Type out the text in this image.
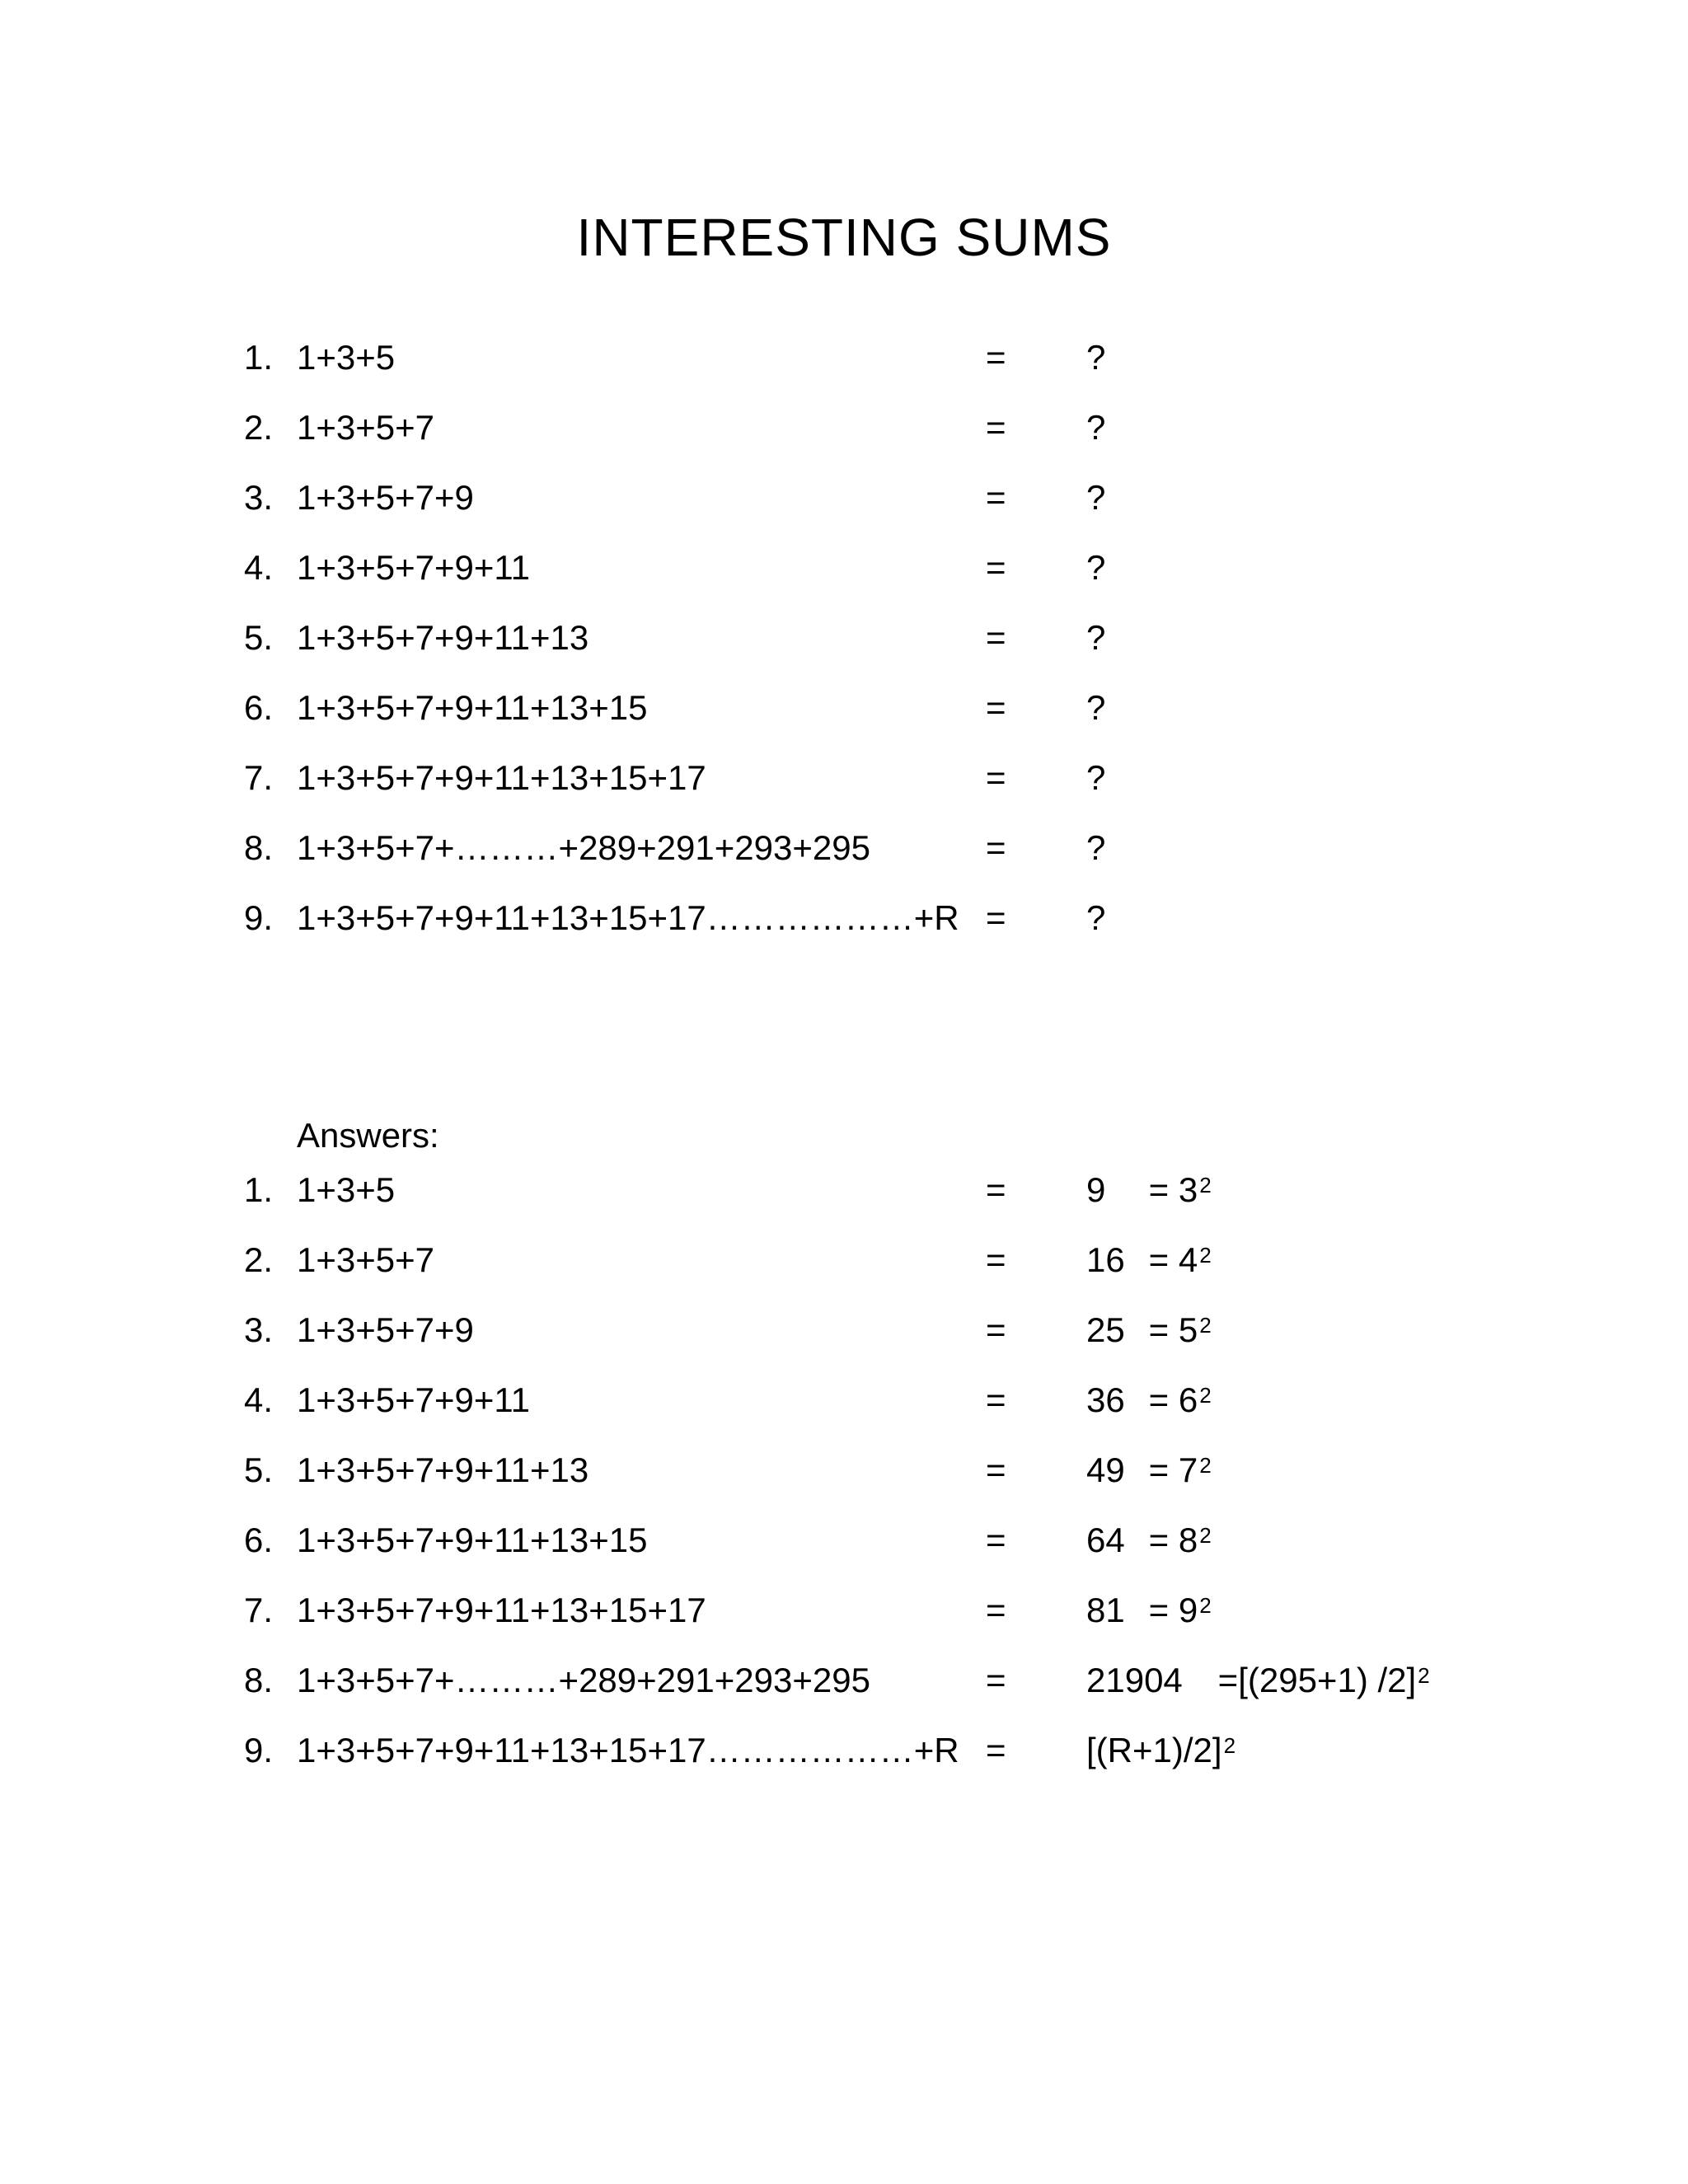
INTERESTING SUMS
1. 1+3+5	= ?
2. 1+3+5+7	= ?
3. 1+3+5+7+9	= ?
4. 1+3+5+7+9+11	= ?
5. 1+3+5+7+9+11+13	= ?
6. 1+3+5+7+9+11+13+15	= ?
7. 1+3+5+7+9+11+13+15+17	= ?
8. 1+3+5+7+………+289+291+293+295	= ?
9. 1+3+5+7+9+11+13+15+17………………+R = ?
Answers:
1. 1+3+5	= $9 = 3^2$
2. 1+3+5+7	= $16 = 4^2$
3. 1+3+5+7+9	= $25 = 5^2$
4. 1+3+5+7+9+11	= $36 = 6^2$
5. 1+3+5+7+9+11+13	= $49 = 7^2$
6. 1+3+5+7+9+11+13+15	= $64 = 8^2$
7. 1+3+5+7+9+11+13+15+17	= $81 = 9^2$
8. 1+3+5+7+………+289+291+293+295	= 21904 =[(295+1) /2]$^2$
9. 1+3+5+7+9+11+13+15+17………………+R = $[(R+1)/2]^2$
